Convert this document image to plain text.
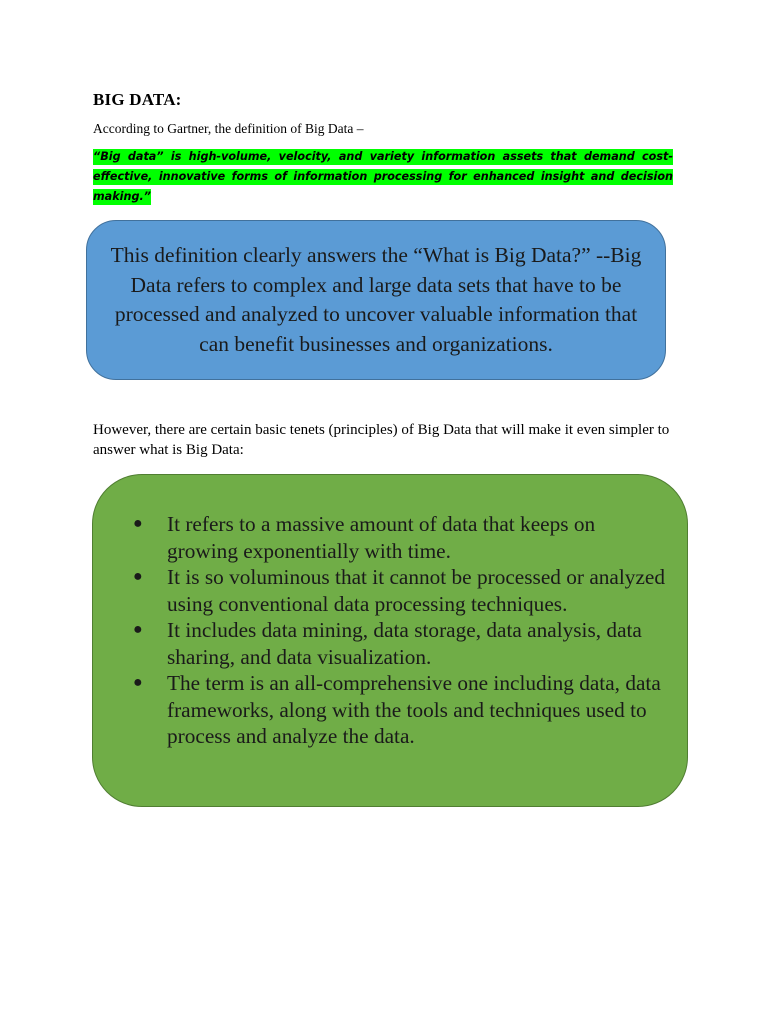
BIG DATA:
According to Gartner, the definition of Big Data –
“Big data” is high-volume, velocity, and variety information assets that demand cost-effective, innovative forms of information processing for enhanced insight and decision making.”
This definition clearly answers the “What is Big Data?” --Big Data refers to complex and large data sets that have to be processed and analyzed to uncover valuable information that can benefit businesses and organizations.
However, there are certain basic tenets (principles) of Big Data that will make it even simpler to answer what is Big Data:
● It refers to a massive amount of data that keeps on growing exponentially with time.
● It is so voluminous that it cannot be processed or analyzed using conventional data processing techniques.
● It includes data mining, data storage, data analysis, data sharing, and data visualization.
● The term is an all-comprehensive one including data, data frameworks, along with the tools and techniques used to process and analyze the data.
